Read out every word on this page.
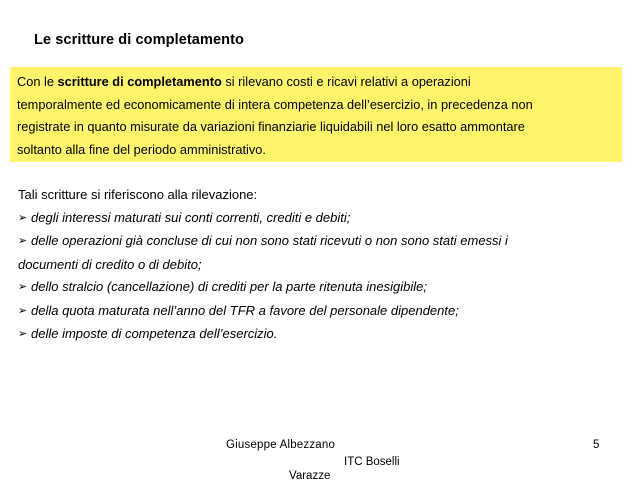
Le scritture di completamento
Con le scritture di completamento si rilevano costi e ricavi relativi a operazioni
temporalmente ed economicamente di intera competenza dell’esercizio, in precedenza non
registrate in quanto misurate da variazioni finanziarie liquidabili nel loro esatto ammontare
soltanto alla fine del periodo amministrativo.
Tali scritture si riferiscono alla rilevazione:
➢ degli interessi maturati sui conti correnti, crediti e debiti;
➢ delle operazioni già concluse di cui non sono stati ricevuti o non sono stati emessi i
documenti di credito o di debito;
➢ dello stralcio (cancellazione) di crediti per la parte ritenuta inesigibile;
➢ della quota maturata nell’anno del TFR a favore del personale dipendente;
➢ delle imposte di competenza dell’esercizio.
Giuseppe Albezzano
ITC Boselli
Varazze
5
